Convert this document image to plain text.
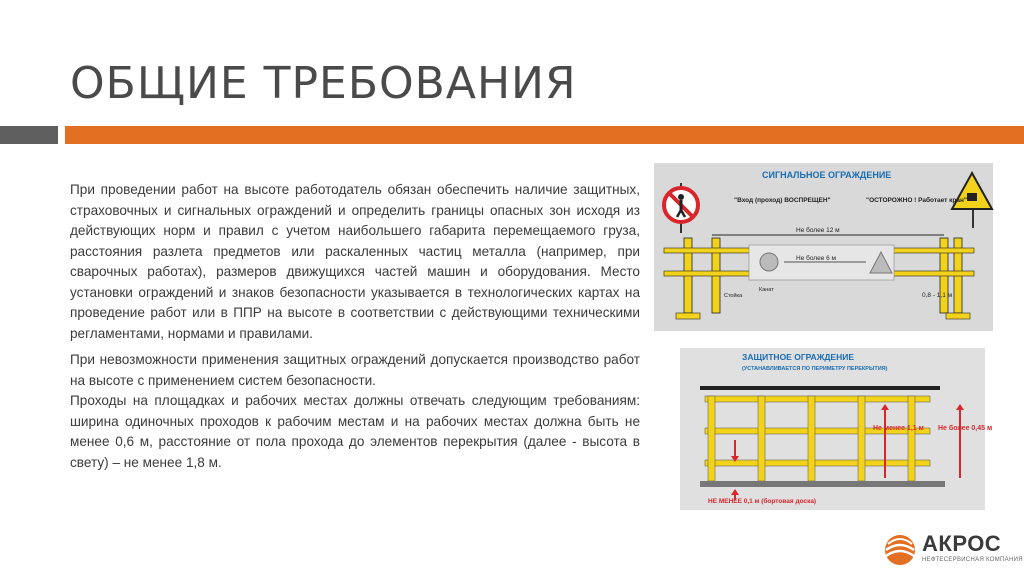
ОБЩИЕ ТРЕБОВАНИЯ

При проведении работ на высоте работодатель обязан обеспечить наличие защитных, страховочных и сигнальных ограждений и определить границы опасных зон исходя из действующих норм и правил с учетом наибольшего габарита перемещаемого груза, расстояния разлета предметов или раскаленных частиц металла (например, при сварочных работах), размеров движущихся частей машин и оборудования. Место установки ограждений и знаков безопасности указывается в технологических картах на проведение работ или в ППР на высоте в соответствии с действующими техническими регламентами, нормами и правилами.

При невозможности применения защитных ограждений допускается производство работ на высоте с применением систем безопасности.

Проходы на площадках и рабочих местах должны отвечать следующим требованиям: ширина одиночных проходов к рабочим местам и на рабочих местах должна быть не менее 0,6 м, расстояние от пола прохода до элементов перекрытия (далее - высота в свету) – не менее 1,8 м.

СИГНАЛЬНОЕ ОГРАЖДЕНИЕ
"Вход (проход) ВОСПРЕЩЕН"	"ОСТОРОЖНО ! Работает кран"
Не более 12 м
Не более 6 м
0,8 - 1,1 м
Стойка
Канат
ЗАЩИТНОЕ ОГРАЖДЕНИЕ
(УСТАНАВЛИВАЕТСЯ ПО ПЕРИМЕТРУ ПЕРЕКРЫТИЯ)
Не менее 1,1 м Не более 0,45 м
НЕ МЕНЕЕ 0,1 м (бортовая доска)
АКРОС
НЕФТЕСЕРВИСНАЯ КОМПАНИЯ
